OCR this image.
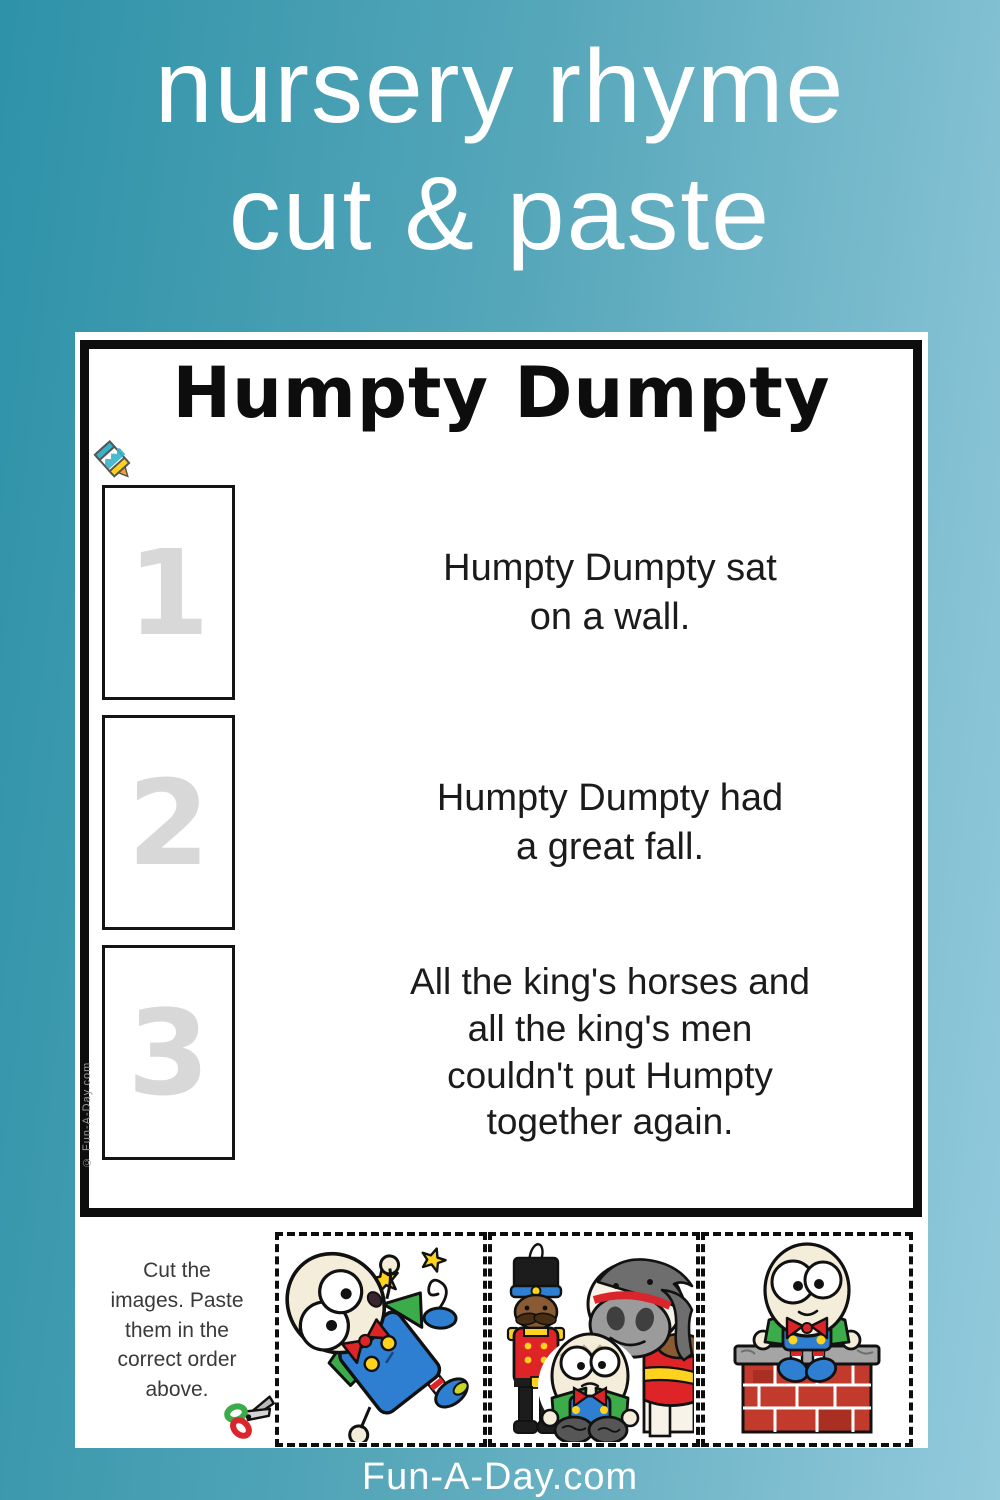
nursery rhyme
cut & paste
Humpty Dumpty
1
2
3
Humpty Dumpty sat
on a wall.
Humpty Dumpty had
a great fall.
All the king's horses and
all the king's men
couldn't put Humpty
together again.
© Fun-A-Day.com
Cut the
images. Paste
them in the
correct order
above.
Fun-A-Day.com
